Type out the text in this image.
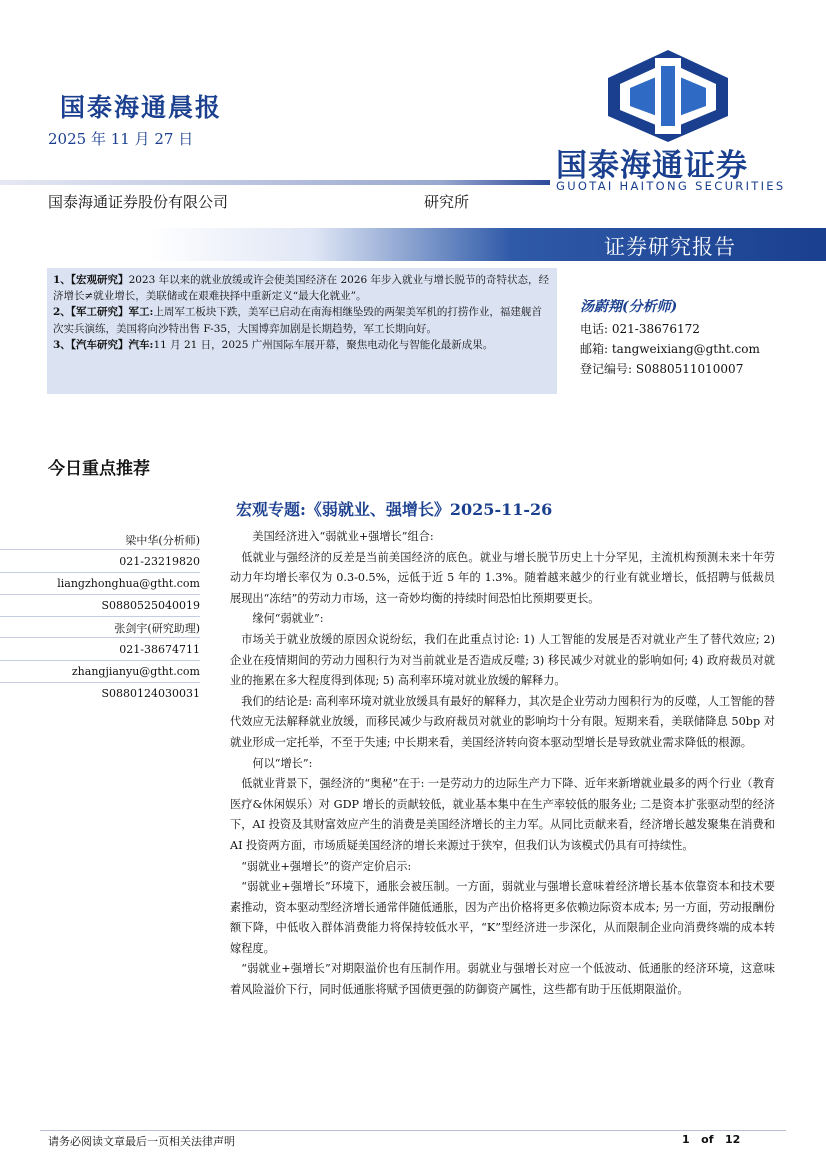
国泰海通晨报
2025 年 11 月 27 日
国泰海通证券
GUOTAI HAITONG SECURITIES
国泰海通证券股份有限公司	研究所
证券研究报告

1、【宏观研究】2023 年以来的就业放缓或许会使美国经济在 2026 年步入就业与增长脱节的奇特状态，经济增长≠就业增长，美联储或在艰难抉择中重新定义“最大化就业”。

2、【军工研究】军工:上周军工板块下跌，美军已启动在南海相继坠毁的两架美军机的打捞作业，福建舰首次实兵演练，美国将向沙特出售 F-35，大国博弈加剧是长期趋势，军工长期向好。

3、【汽车研究】汽车:11 月 21 日，2025 广州国际车展开幕，聚焦电动化与智能化最新成果。

汤蔚翔(分析师)
电话: 021-38676172
邮箱: tangweixiang@gtht.com
登记编号: S0880511010007
今日重点推荐
宏观专题:《弱就业、强增长》2025-11-26
梁中华(分析师)
021-23219820
liangzhonghua@gtht.com
S0880525040019
张剑宇(研究助理)
021-38674711
zhangjianyu@gtht.com
S0880124030031

美国经济进入“弱就业+强增长”组合:

低就业与强经济的反差是当前美国经济的底色。就业与增长脱节历史上十分罕见，主流机构预测未来十年劳动力年均增长率仅为 0.3-0.5%，远低于近 5 年的 1.3%。随着越来越少的行业有就业增长，低招聘与低裁员展现出“冻结”的劳动力市场，这一奇妙均衡的持续时间恐怕比预期要更长。

缘何“弱就业”:

市场关于就业放缓的原因众说纷纭，我们在此重点讨论: 1) 人工智能的发展是否对就业产生了替代效应; 2) 企业在疫情期间的劳动力囤积行为对当前就业是否造成反噬; 3) 移民减少对就业的影响如何; 4) 政府裁员对就业的拖累在多大程度得到体现; 5) 高利率环境对就业放缓的解释力。

我们的结论是: 高利率环境对就业放缓具有最好的解释力，其次是企业劳动力囤积行为的反噬，人工智能的替代效应无法解释就业放缓，而移民减少与政府裁员对就业的影响均十分有限。短期来看，美联储降息 50bp 对就业形成一定托举，不至于失速; 中长期来看，美国经济转向资本驱动型增长是导致就业需求降低的根源。

何以“增长”:

低就业背景下，强经济的“奥秘”在于: 一是劳动力的边际生产力下降、近年来新增就业最多的两个行业（教育医疗&休闲娱乐）对 GDP 增长的贡献较低，就业基本集中在生产率较低的服务业; 二是资本扩张驱动型的经济下，AI 投资及其财富效应产生的消费是美国经济增长的主力军。从同比贡献来看，经济增长越发聚集在消费和 AI 投资两方面，市场质疑美国经济的增长来源过于狭窄，但我们认为该模式仍具有可持续性。

“弱就业+强增长”的资产定价启示:

“弱就业+强增长”环境下，通胀会被压制。一方面，弱就业与强增长意味着经济增长基本依靠资本和技术要素推动，资本驱动型经济增长通常伴随低通胀，因为产出价格将更多依赖边际资本成本; 另一方面，劳动报酬份额下降，中低收入群体消费能力将保持较低水平，“K”型经济进一步深化，从而限制企业向消费终端的成本转嫁程度。

“弱就业+强增长”对期限溢价也有压制作用。弱就业与强增长对应一个低波动、低通胀的经济环境，这意味着风险溢价下行，同时低通胀将赋予国债更强的防御资产属性，这些都有助于压低期限溢价。

请务必阅读文章最后一页相关法律声明	1   of   12
